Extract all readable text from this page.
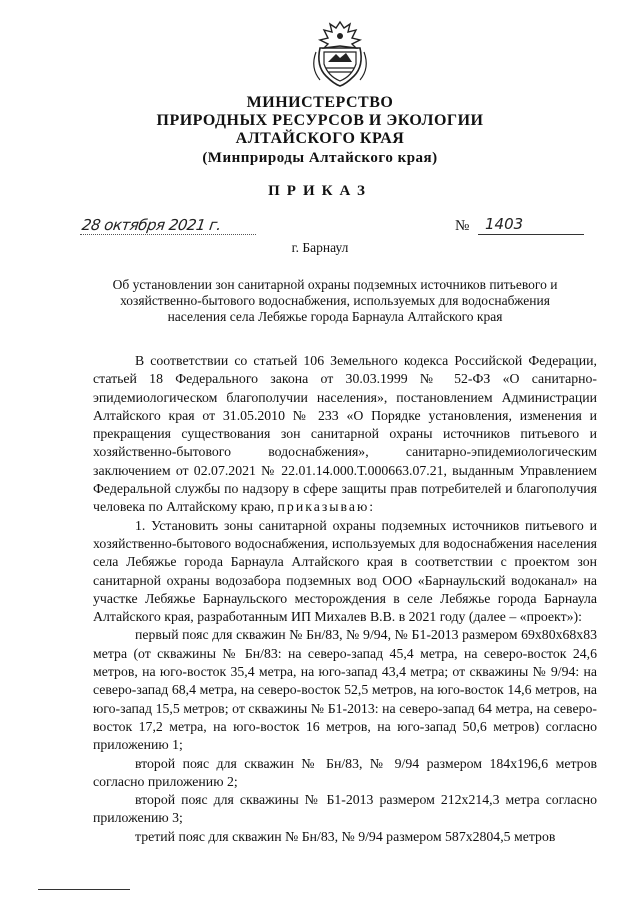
МИНИСТЕРСТВО
ПРИРОДНЫХ РЕСУРСОВ И ЭКОЛОГИИ
АЛТАЙСКОГО КРАЯ
(Минприроды Алтайского края)
ПРИКАЗ
28 октября 2021 г.	№ 1403
г. Барнаул
Об установлении зон санитарной охраны подземных источников питьевого и хозяйственно-бытового водоснабжения, используемых для водоснабжения населения села Лебяжье города Барнаула Алтайского края

В соответствии со статьей 106 Земельного кодекса Российской Федерации, статьей 18 Федерального закона от 30.03.1999 № 52-ФЗ «О санитарно-эпидемиологическом благополучии населения», постановлением Администрации Алтайского края от 31.05.2010 № 233 «О Порядке установления, изменения и прекращения существования зон санитарной охраны источников питьевого и хозяйственно-бытового водоснабжения», санитарно-эпидемиологическим заключением от 02.07.2021 № 22.01.14.000.Т.000663.07.21, выданным Управлением Федеральной службы по надзору в сфере защиты прав потребителей и благополучия человека по Алтайскому краю, приказываю:

1. Установить зоны санитарной охраны подземных источников питьевого и хозяйственно-бытового водоснабжения, используемых для водоснабжения населения села Лебяжье города Барнаула Алтайского края в соответствии с проектом зон санитарной охраны водозабора подземных вод ООО «Барнаульский водоканал» на участке Лебяжье Барнаульского месторождения в селе Лебяжье города Барнаула Алтайского края, разработанным ИП Михалев В.В. в 2021 году (далее – «проект»):

первый пояс для скважин № Бн/83, № 9/94, № Б1-2013 размером 69х80х68х83 метра (от скважины № Бн/83: на северо-запад 45,4 метра, на северо-восток 24,6 метров, на юго-восток 35,4 метра, на юго-запад 43,4 метра; от скважины № 9/94: на северо-запад 68,4 метра, на северо-восток 52,5 метров, на юго-восток 14,6 метров, на юго-запад 15,5 метров; от скважины № Б1-2013: на северо-запад 64 метра, на северо-восток 17,2 метра, на юго-восток 16 метров, на юго-запад 50,6 метров) согласно приложению 1;

второй пояс для скважин № Бн/83, № 9/94 размером 184х196,6 метров согласно приложению 2;

второй пояс для скважины № Б1-2013 размером 212х214,3 метра согласно приложению 3;

третий пояс для скважин № Бн/83, № 9/94 размером 587х2804,5 метров
